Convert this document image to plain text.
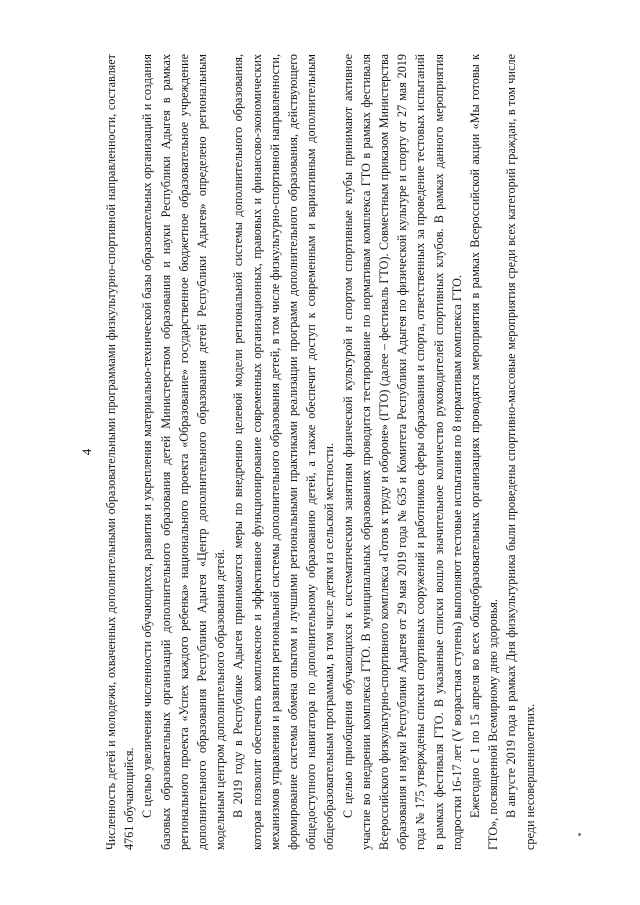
4 Численность детей и молодежи, охваченных дополнительными образовательными программами физкультурно-спортивной направленности, составляет 4761 обучающийся. С целью увеличения численности обучающихся, развития и укрепления материально-технической базы образовательных организаций и создания базовых образовательных организаций дополнительного образования детей Министерством образования и науки Республики Адыгея в рамках регионального проекта «Успех каждого ребенка» национального проекта «Образование» государственное бюджетное образовательное учреждение дополнительного образования Республики Адыгея «Центр дополнительного образования детей Республики Адыгея» определено региональным модельным центром дополнительного образования детей. В 2019 году в Республике Адыгея принимаются меры по внедрению целевой модели региональной системы дополнительного образования, которая позволит обеспечить комплексное и эффективное функционирование современных организационных, правовых и финансово-экономических механизмов управления и развития региональной системы дополнительного образования детей, в том числе физкультурно-спортивной направленности, формирование системы обмена опытом и лучшими региональными практиками реализации программ дополнительного образования, действующего общедоступного навигатора по дополнительному образованию детей, а также обеспечит доступ к современным и вариативным дополнительным общеобразовательным программам, в том числе детям из сельской местности. С целью приобщения обучающихся к систематическим занятиям физической культурой и спортом спортивные клубы принимают активное участие во внедрении комплекса ГТО. В муниципальных образованиях проводится тестирование по нормативам комплекса ГТО в рамках фестиваля Всероссийского физкультурно-спортивного комплекса «Готов к труду и обороне» (ГТО) (далее – фестиваль ГТО). Совместным приказом Министерства образования и науки Республики Адыгея от 29 мая 2019 года № 635 и Комитета Республики Адыгея по физической культуре и спорту от 27 мая 2019 года № 175 утверждены списки спортивных сооружений и работников сферы образования и спорта, ответственных за проведение тестовых испытаний в рамках фестиваля ГТО. В указанные списки вошло значительное количество руководителей спортивных клубов. В рамках данного мероприятия подростки 16-17 лет (V возрастная ступень) выполняют тестовые испытания по 8 нормативам комплекса ГТО. Ежегодно с 1 по 15 апреля во всех общеобразовательных организациях проводятся мероприятия в рамках Всероссийской акции «Мы готовы к ГТО», посвященной Всемирному дню здоровья. В августе 2019 года в рамках Дня физкультурника были проведены спортивно-массовые мероприятия среди всех категорий граждан, в том числе среди несовершеннолетних.
